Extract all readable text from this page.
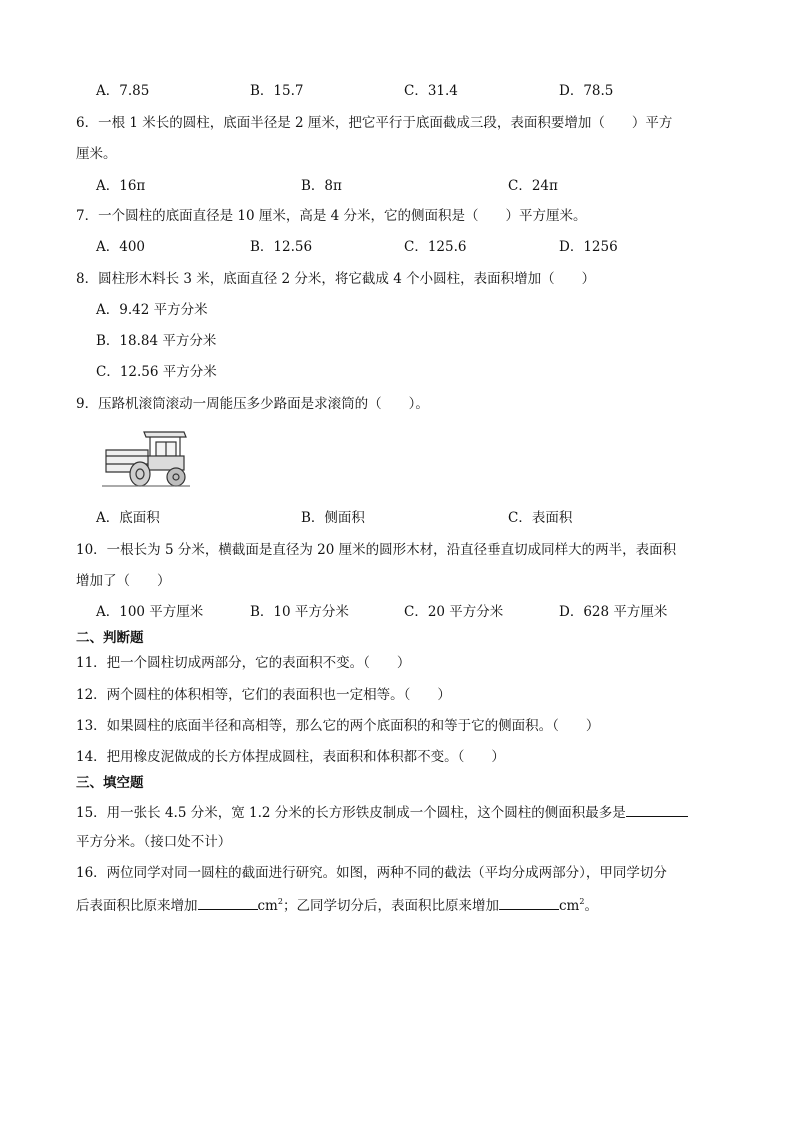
A．7.85	B．15.7	C．31.4	D．78.5
6．一根 1 米长的圆柱，底面半径是 2 厘米，把它平行于底面截成三段，表面积要增加（　　）平方
厘米。
A．16π	B．8π	C．24π
7．一个圆柱的底面直径是 10 厘米，高是 4 分米，它的侧面积是（　　）平方厘米。
A．400	B．12.56	C．125.6	D．1256
8．圆柱形木料长 3 米，底面直径 2 分米，将它截成 4 个小圆柱，表面积增加（　　）
A．9.42 平方分米
B．18.84 平方分米
C．12.56 平方分米
9．压路机滚筒滚动一周能压多少路面是求滚筒的（　　）。
A．底面积	B．侧面积	C．表面积
10．一根长为 5 分米，横截面是直径为 20 厘米的圆形木材，沿直径垂直切成同样大的两半，表面积
增加了（　　）
A．100 平方厘米	B．10 平方分米	C．20 平方分米	D．628 平方厘米
二、判断题
11．把一个圆柱切成两部分，它的表面积不变。（　　）
12．两个圆柱的体积相等，它们的表面积也一定相等。（　　）
13．如果圆柱的底面半径和高相等，那么它的两个底面积的和等于它的侧面积。（　　）
14．把用橡皮泥做成的长方体捏成圆柱，表面积和体积都不变。（　　）
三、填空题
15．用一张长 4.5 分米，宽 1.2 分米的长方形铁皮制成一个圆柱，这个圆柱的侧面积最多是
平方分米。（接口处不计）
16．两位同学对同一圆柱的截面进行研究。如图，两种不同的截法（平均分成两部分），甲同学切分
后表面积比原来增加	$cm^2$；乙同学切分后，表面积比原来增加	$cm^2$。
